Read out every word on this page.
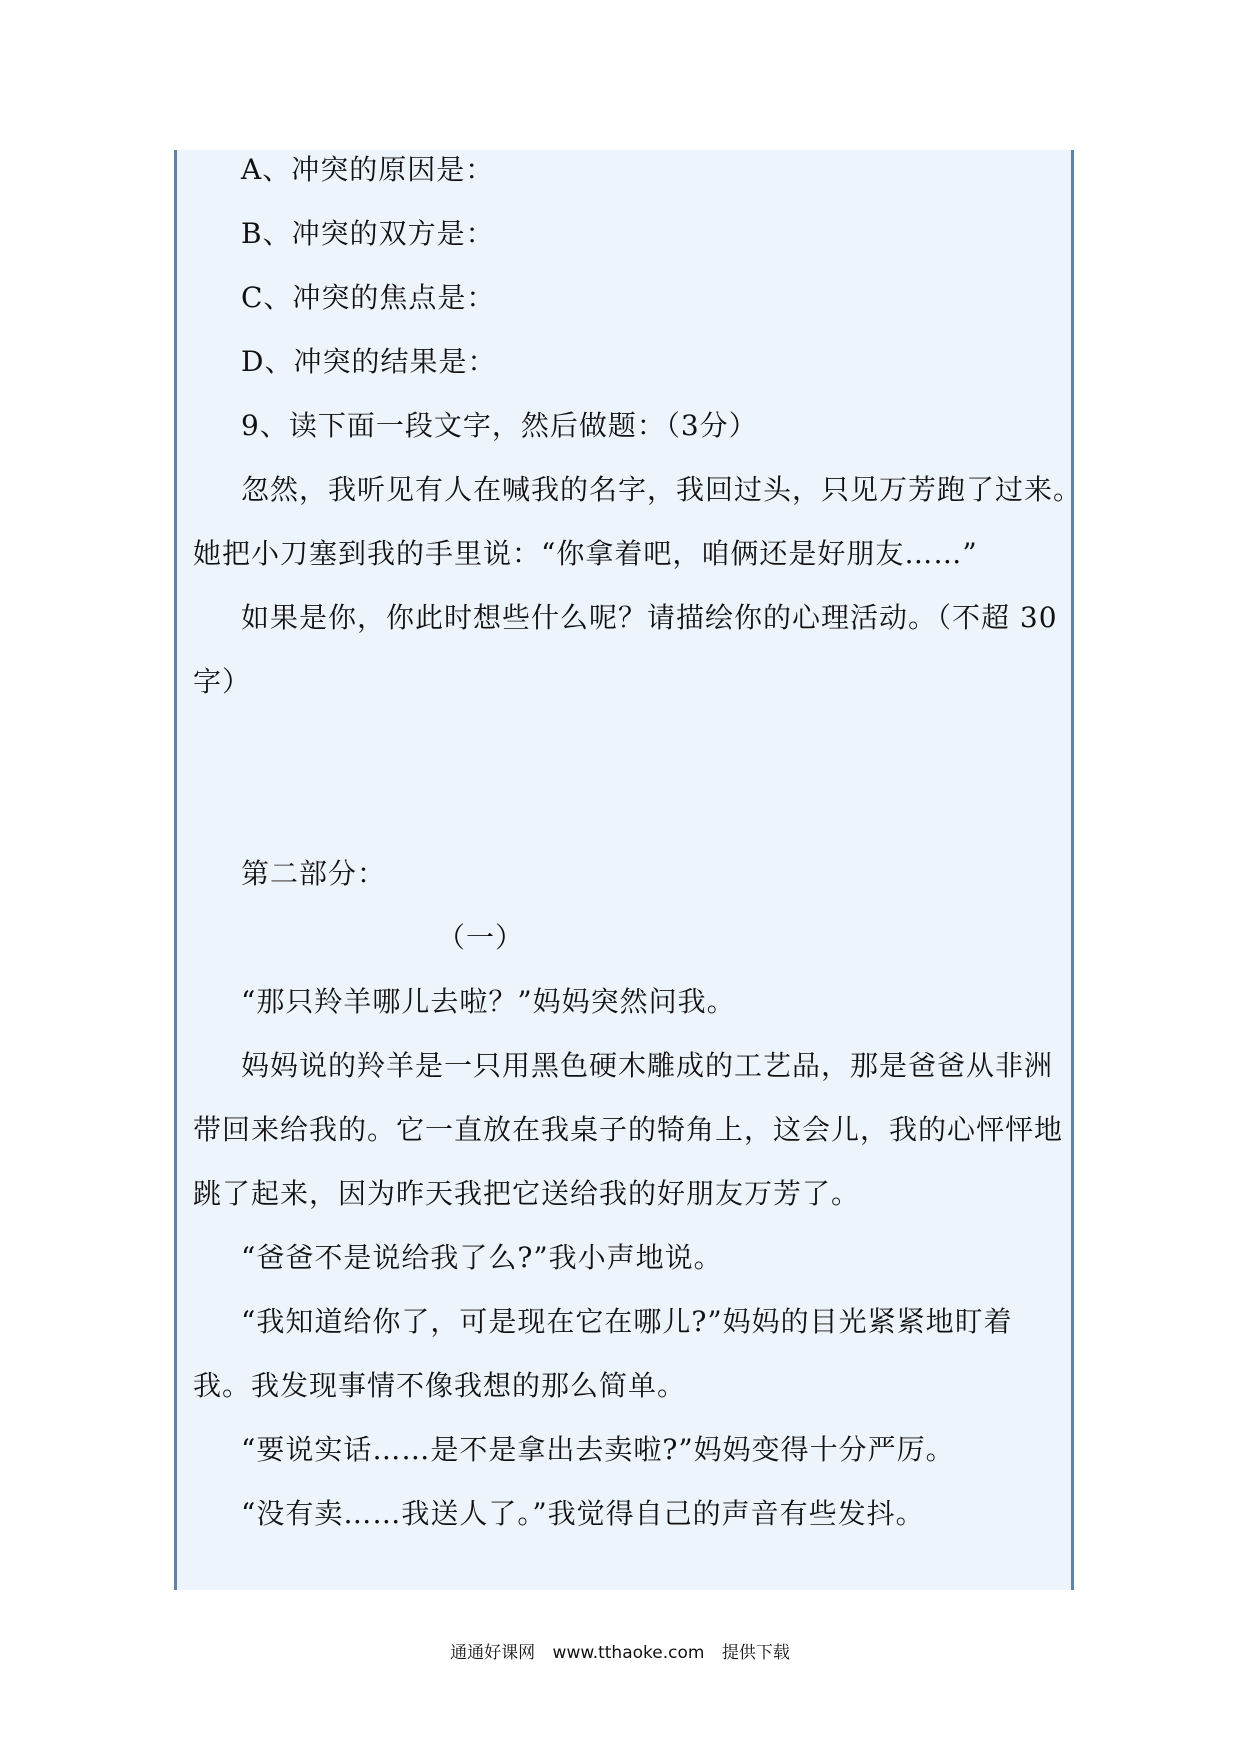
A、冲突的原因是：
B、冲突的双方是：
C、冲突的焦点是：
D、冲突的结果是：
9、读下面一段文字，然后做题：（3分）
忽然，我听见有人在喊我的名字，我回过头，只见万芳跑了过来。
她把小刀塞到我的手里说：“你拿着吧，咱俩还是好朋友……”
如果是你，你此时想些什么呢？请描绘你的心理活动。（不超 30
字）
第二部分：
（一）
“那只羚羊哪儿去啦？”妈妈突然问我。
妈妈说的羚羊是一只用黑色硬木雕成的工艺品，那是爸爸从非洲
带回来给我的。它一直放在我桌子的犄角上，这会儿，我的心怦怦地
跳了起来，因为昨天我把它送给我的好朋友万芳了。
“爸爸不是说给我了么?”我小声地说。
“我知道给你了，可是现在它在哪儿?”妈妈的目光紧紧地盯着
我。我发现事情不像我想的那么简单。
“要说实话……是不是拿出去卖啦?”妈妈变得十分严厉。
“没有卖……我送人了。”我觉得自己的声音有些发抖。
通通好课网 www.tthaoke.com 提供下载
